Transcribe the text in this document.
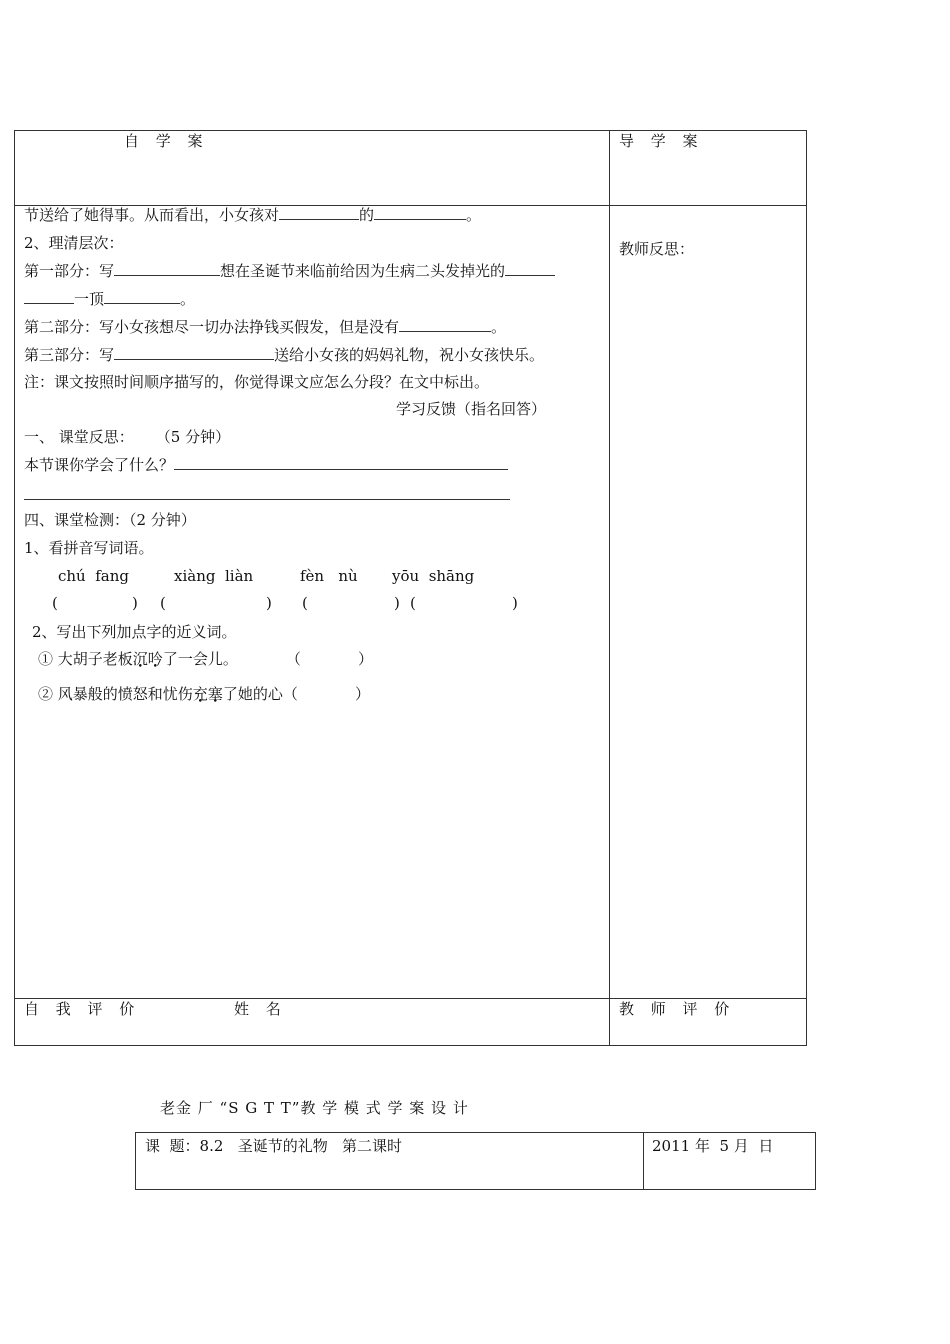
自 学 案	导 学 案
教师反思：
节送给了她得事。从而看出，小女孩对	的	。
2、理清层次：
第一部分：写	想在圣诞节来临前给因为生病二头发掉光的
一顶	。
第二部分：写小女孩想尽一切办法挣钱买假发，但是没有	。
第三部分：写	送给小女孩的妈妈礼物，祝小女孩快乐。
注：课文按照时间顺序描写的，你觉得课文应怎么分段？在文中标出。
学习反馈（指名回答）
一、 课堂反思： （5 分钟）
本节课你学会了什么？
四、课堂检测：（2 分钟）
1、看拼音写词语。
chú  fang	xiàng  liàn	fèn   nù yōu  shāng
(	) (	) (	) (	)
2、写出下列加点字的近义词。
① 大胡子老板沉吟了一会儿。	（            ）
② 风暴般的愤怒和忧伤充塞了她的心（            ）
自 我 评 价	姓 名	教 师 评 价
老金 厂 “S G T T”教 学 模 式 学 案 设 计
课  题：8.2   圣诞节的礼物   第二课时	2011 年  5 月  日
